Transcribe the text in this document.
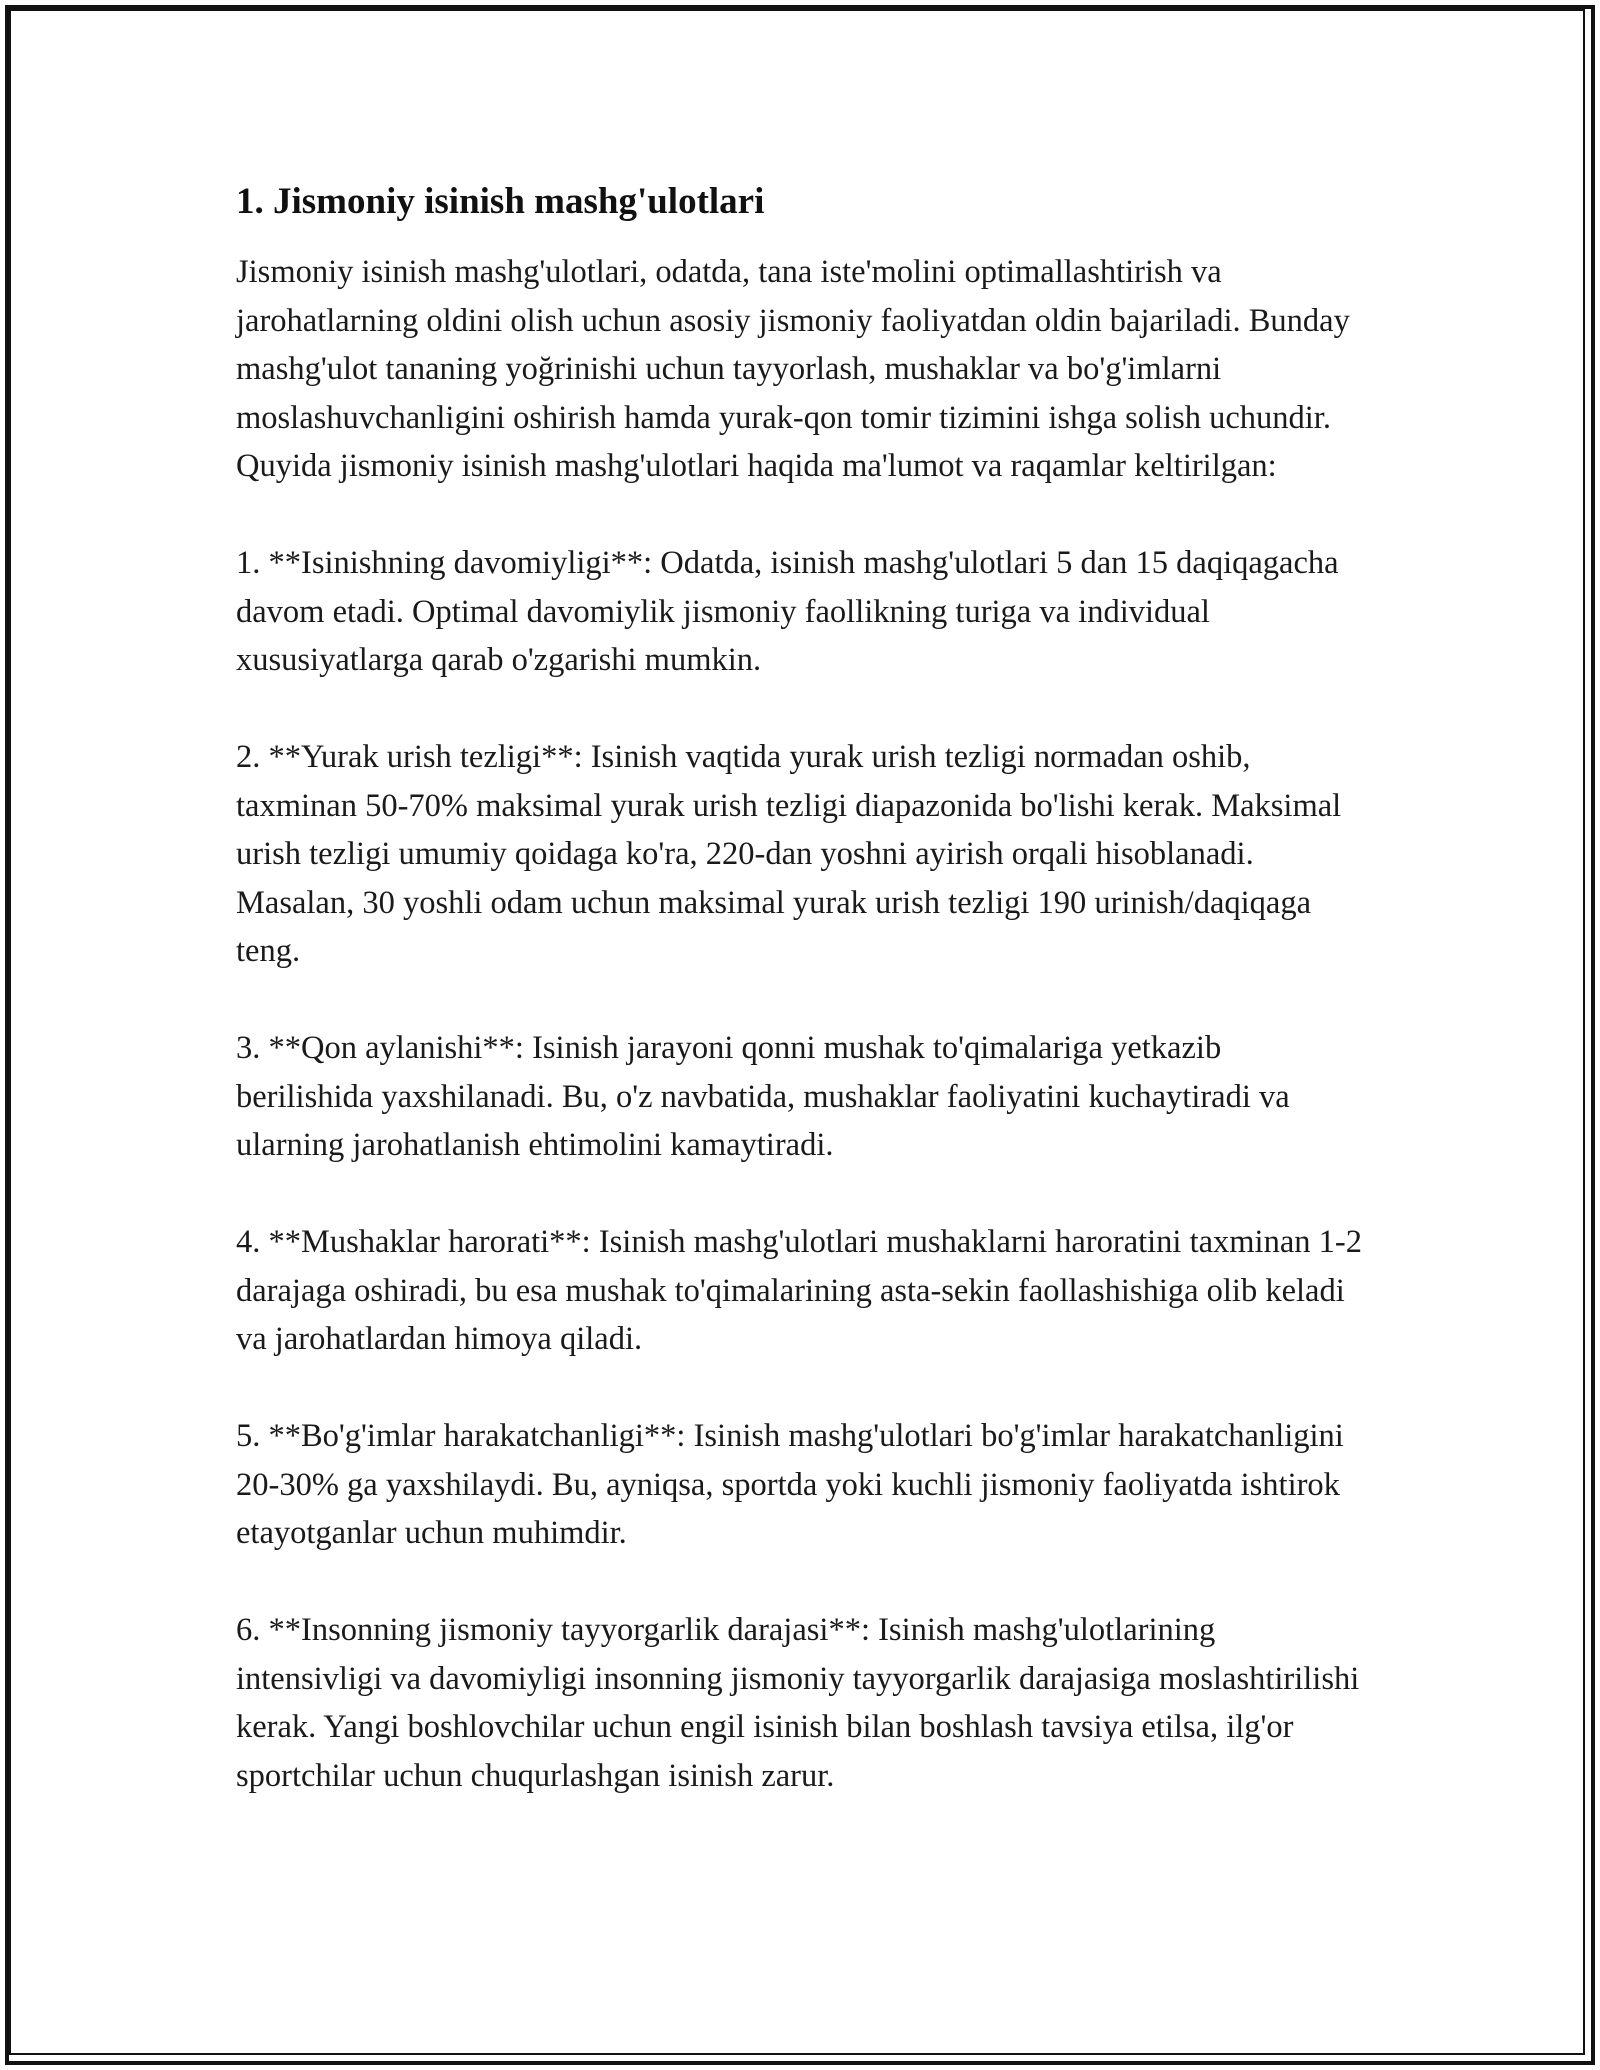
1. Jismoniy isinish mashg'ulotlari

Jismoniy isinish mashg'ulotlari, odatda, tana iste'molini optimallashtirish va jarohatlarning oldini olish uchun asosiy jismoniy faoliyatdan oldin bajariladi. Bunday mashg'ulot tananing yoğrinishi uchun tayyorlash, mushaklar va bo'g'imlarni moslashuvchanligini oshirish hamda yurak-qon tomir tizimini ishga solish uchundir. Quyida jismoniy isinish mashg'ulotlari haqida ma'lumot va raqamlar keltirilgan:

1. **Isinishning davomiyligi**: Odatda, isinish mashg'ulotlari 5 dan 15 daqiqagacha davom etadi. Optimal davomiylik jismoniy faollikning turiga va individual xususiyatlarga qarab o'zgarishi mumkin.

2. **Yurak urish tezligi**: Isinish vaqtida yurak urish tezligi normadan oshib, taxminan 50-70% maksimal yurak urish tezligi diapazonida bo'lishi kerak. Maksimal urish tezligi umumiy qoidaga ko'ra, 220-dan yoshni ayirish orqali hisoblanadi. Masalan, 30 yoshli odam uchun maksimal yurak urish tezligi 190 urinish/daqiqaga teng.

3. **Qon aylanishi**: Isinish jarayoni qonni mushak to'qimalariga yetkazib berilishida yaxshilanadi. Bu, o'z navbatida, mushaklar faoliyatini kuchaytiradi va ularning jarohatlanish ehtimolini kamaytiradi.

4. **Mushaklar harorati**: Isinish mashg'ulotlari mushaklarni haroratini taxminan 1-2 darajaga oshiradi, bu esa mushak to'qimalarining asta-sekin faollashishiga olib keladi va jarohatlardan himoya qiladi.

5. **Bo'g'imlar harakatchanligi**: Isinish mashg'ulotlari bo'g'imlar harakatchanligini 20-30% ga yaxshilaydi. Bu, ayniqsa, sportda yoki kuchli jismoniy faoliyatda ishtirok etayotganlar uchun muhimdir.

6. **Insonning jismoniy tayyorgarlik darajasi**: Isinish mashg'ulotlarining intensivligi va davomiyligi insonning jismoniy tayyorgarlik darajasiga moslashtirilishi kerak. Yangi boshlovchilar uchun engil isinish bilan boshlash tavsiya etilsa, ilg'or sportchilar uchun chuqurlashgan isinish zarur.
